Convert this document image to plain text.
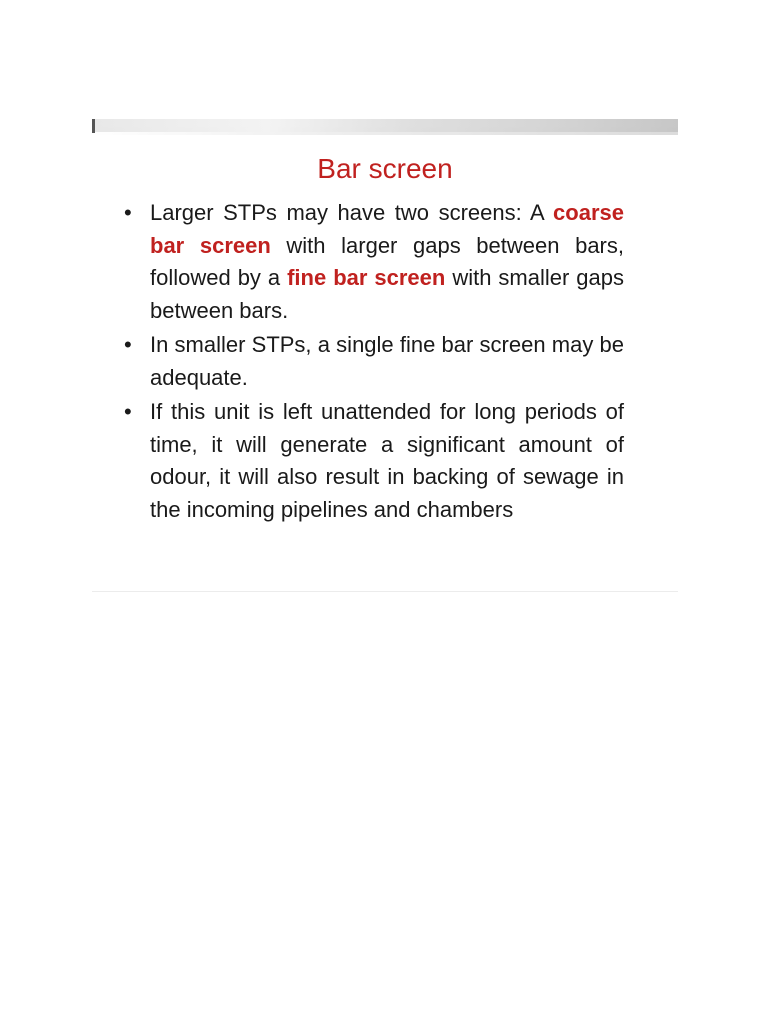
Bar screen
• Larger STPs may have two screens: A coarse bar screen with larger gaps between bars, followed by a fine bar screen with smaller gaps between bars.
• In smaller STPs, a single fine bar screen may be adequate.
• If this unit is left unattended for long periods of time, it will generate a significant amount of odour, it will also result in backing of sewage in the incoming pipelines and chambers
